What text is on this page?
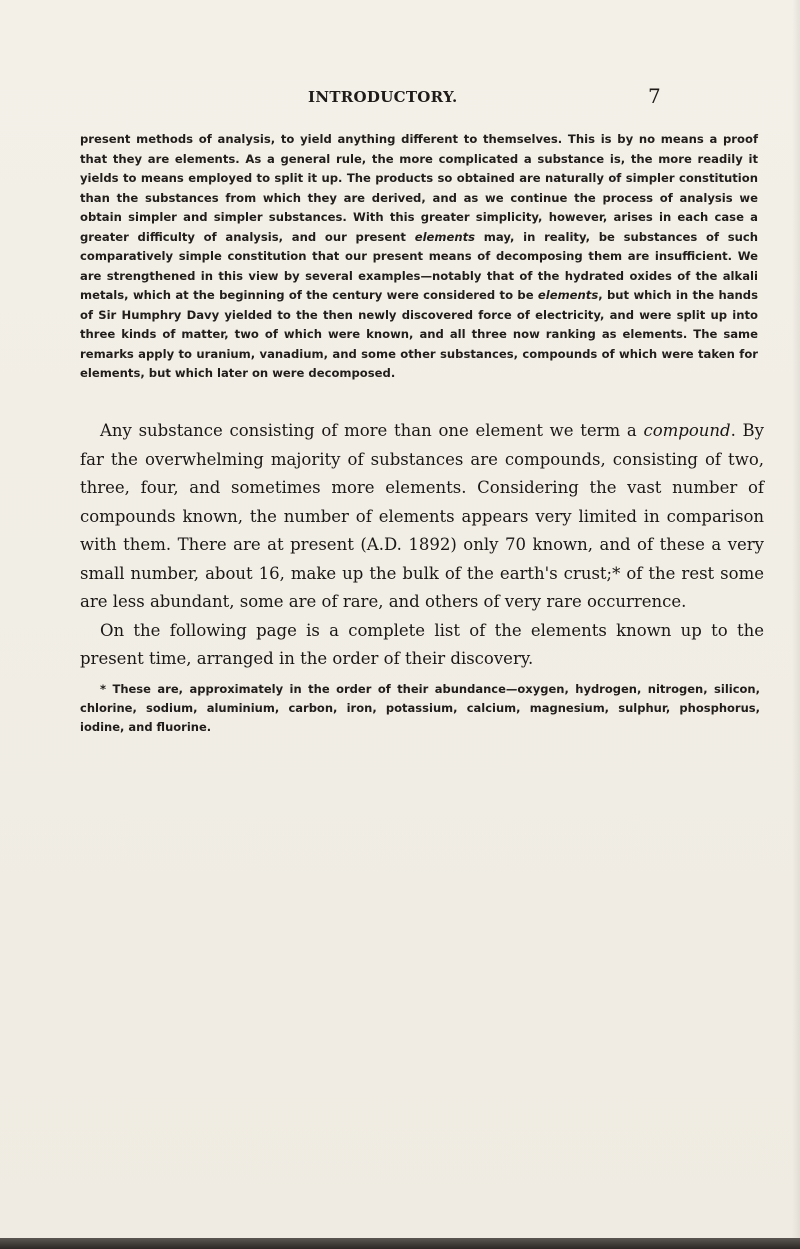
INTRODUCTORY.	7

present methods of analysis, to yield anything different to themselves. This is by no means a proof that they are elements. As a general rule, the more complicated a substance is, the more readily it yields to means employed to split it up. The products so obtained are naturally of simpler constitution than the substances from which they are derived, and as we continue the process of analysis we obtain simpler and simpler substances. With this greater simplicity, however, arises in each case a greater difficulty of analysis, and our present elements may, in reality, be substances of such comparatively simple constitution that our present means of decomposing them are insufficient. We are strengthened in this view by several examples—notably that of the hydrated oxides of the alkali metals, which at the beginning of the century were considered to be elements, but which in the hands of Sir Humphry Davy yielded to the then newly discovered force of electricity, and were split up into three kinds of matter, two of which were known, and all three now ranking as elements. The same remarks apply to uranium, vanadium, and some other substances, compounds of which were taken for elements, but which later on were decomposed.

Any substance consisting of more than one element we term a compound. By far the overwhelming majority of substances are compounds, consisting of two, three, four, and sometimes more elements. Considering the vast number of compounds known, the number of elements appears very limited in comparison with them. There are at present (A.D. 1892) only 70 known, and of these a very small number, about 16, make up the bulk of the earth's crust;* of the rest some are less abundant, some are of rare, and others of very rare occurrence.

On the following page is a complete list of the elements known up to the present time, arranged in the order of their discovery.

* These are, approximately in the order of their abundance—oxygen, hydrogen, nitrogen, silicon, chlorine, sodium, aluminium, carbon, iron, potassium, calcium, magnesium, sulphur, phosphorus, iodine, and fluorine.
